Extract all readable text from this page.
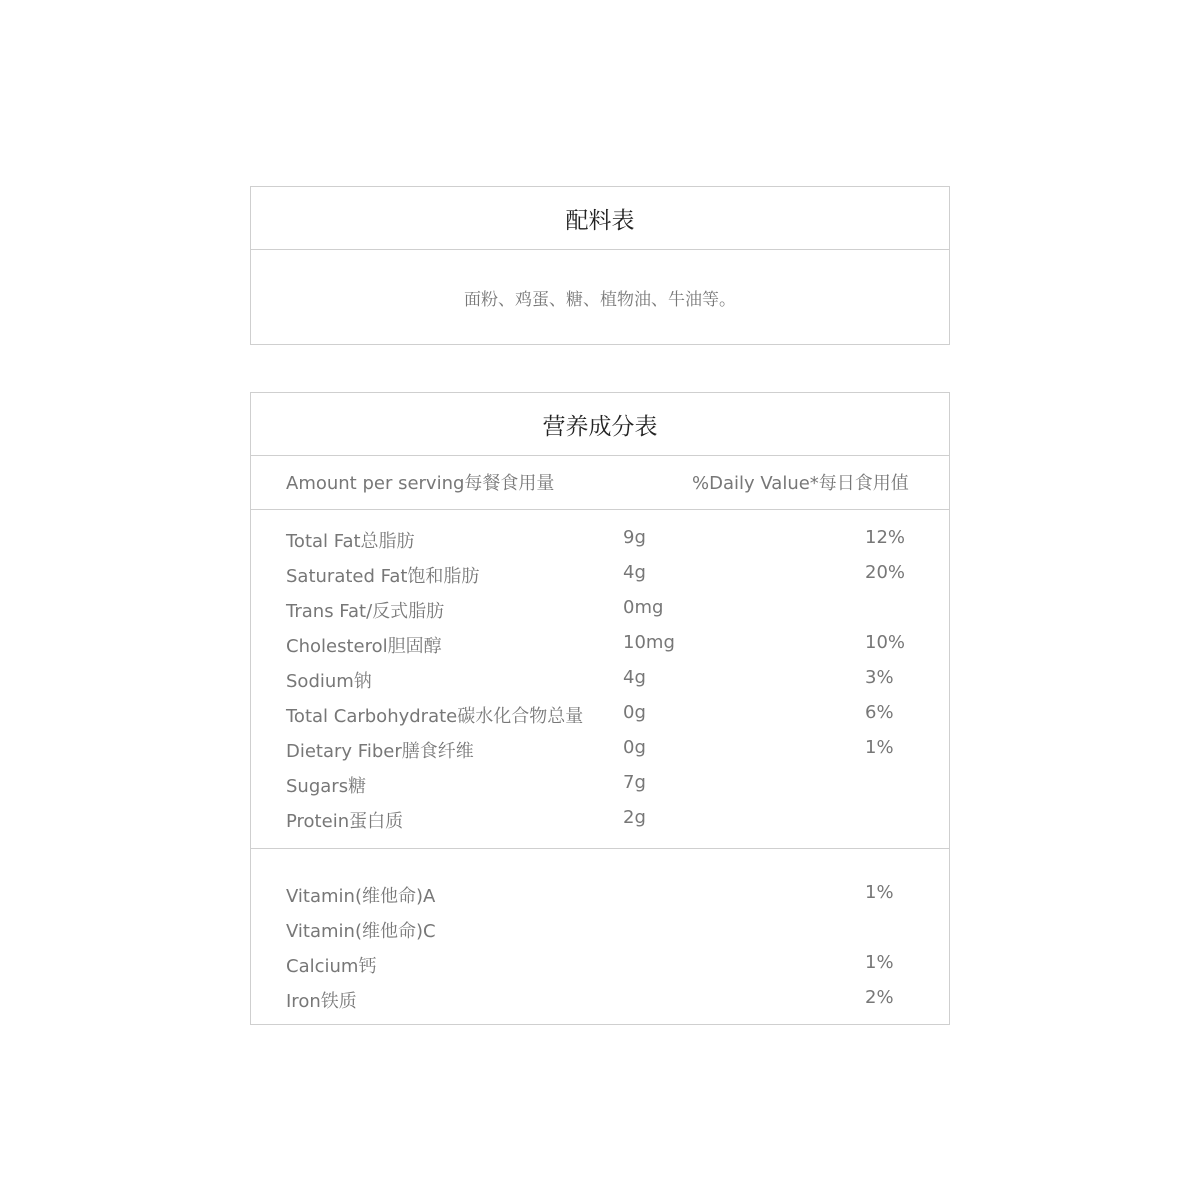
配料表
面粉、鸡蛋、糖、植物油、牛油等。
营养成分表
Amount per serving每餐食用量	%Daily Value*每日食用值
Total Fat总脂肪	9g	12%
Saturated Fat饱和脂肪	4g	20%
Trans Fat/反式脂肪	0mg
Cholesterol胆固醇	10mg	10%
Sodium钠	4g	3%
Total Carbohydrate碳水化合物总量 0g	6%
Dietary Fiber膳食纤维	0g	1%
Sugars糖	7g
Protein蛋白质	2g
Vitamin(维他命)A	1%
Vitamin(维他命)C
Calcium钙	1%
Iron铁质	2%
